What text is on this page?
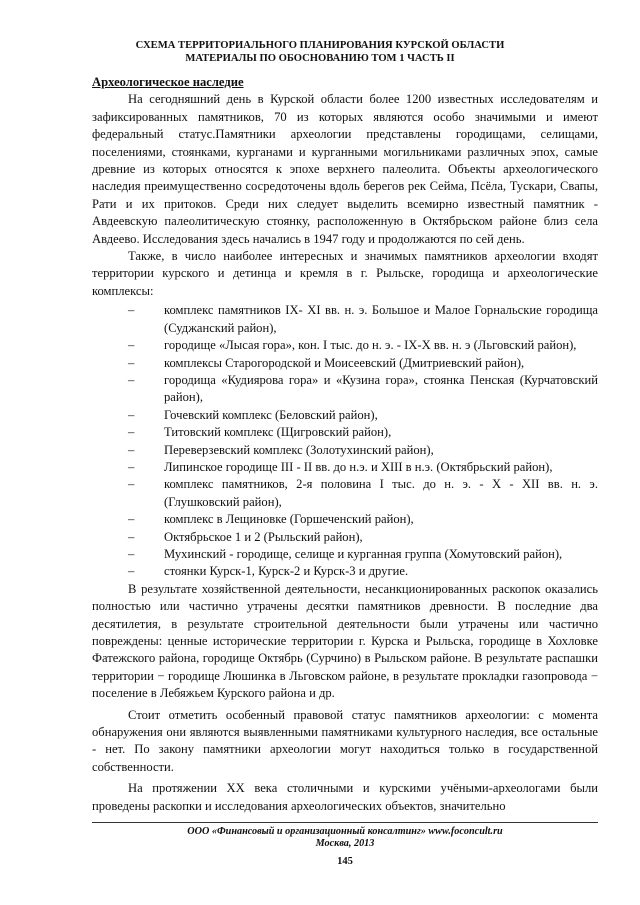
СХЕМА ТЕРРИТОРИАЛЬНОГО ПЛАНИРОВАНИЯ КУРСКОЙ ОБЛАСТИ
МАТЕРИАЛЫ ПО ОБОСНОВАНИЮ ТОМ 1 ЧАСТЬ II

Археологическое наследие

На сегодняшний день в Курской области более 1200 известных исследователям и зафиксированных памятников, 70 из которых являются особо значимыми и имеют федеральный статус.Памятники археологии представлены городищами, селищами, поселениями, стоянками, курганами и курганными могильниками различных эпох, самые древние из которых относятся к эпохе верхнего палеолита. Объекты археологического наследия преимущественно сосредоточены вдоль берегов рек Сейма, Псёла, Тускари, Свапы, Рати и их притоков. Среди них следует выделить всемирно известный памятник - Авдеевскую палеолитическую стоянку, расположенную в Октябрьском районе близ села Авдеево. Исследования здесь начались в 1947 году и продолжаются по сей день.

Также, в число наиболее интересных и значимых памятников археологии входят территории курского и детинца и кремля в г. Рыльске, городища и археологические комплексы:

– комплекс памятников IX- XI вв. н. э. Большое и Малое Горнальские городища (Суджанский район),

– городище «Лысая гора», кон. I тыс. до н. э. - IX-X вв. н. э (Льговский район),

– комплексы Старогородской и Моисеевский (Дмитриевский район),

– городища «Кудиярова гора» и «Кузина гора», стоянка Пенская (Курчатовский район),

– Гочевский комплекс (Беловский район),

– Титовский комплекс (Щигровский район),

– Переверзевский комплекс (Золотухинский район),

– Липинское городище III - II вв. до н.э. и XIII в н.э. (Октябрьский район),

– комплекс памятников, 2-я половина I тыс. до н. э. - X - XII вв. н. э. (Глушковский район),

– комплекс в Лещиновке (Горшеченский район),

– Октябрьское 1 и 2 (Рыльский район),

– Мухинский - городище, селище и курганная группа (Хомутовский район),

– стоянки Курск-1, Курск-2 и Курск-3 и другие.

В результате хозяйственной деятельности, несанкционированных раскопок оказались полностью или частично утрачены десятки памятников древности. В последние два десятилетия, в результате строительной деятельности были утрачены или частично повреждены: ценные исторические территории г. Курска и Рыльска, городище в Хохловке Фатежского района, городище Октябрь (Сурчино) в Рыльском районе. В результате распашки территории − городище Люшинка в Льговском районе, в результате прокладки газопровода − поселение в Лебяжьем Курского района и др.

Стоит отметить особенный правовой статус памятников археологии: с момента обнаружения они являются выявленными памятниками культурного наследия, все остальные - нет. По закону памятники археологии могут находиться только в государственной собственности.

На протяжении XX века столичными и курскими учёными-археологами были проведены раскопки и исследования археологических объектов, значительно

ООО «Финансовый и организационный консалтинг» www.foconcult.ru
Москва, 2013
145
